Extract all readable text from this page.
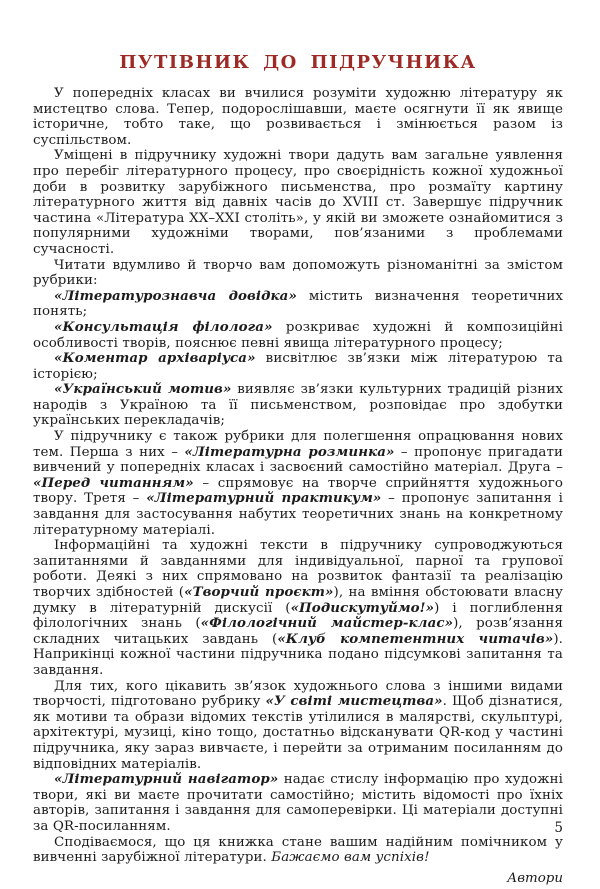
ПУТІВНИК ДО ПІДРУЧНИКА

У попередніх класах ви вчилися розуміти художню літературу як мистецтво слова. Тепер, подорослішавши, маєте осягнути її як явище історичне, тобто таке, що розвивається і змінюється разом із суспільством.

Уміщені в підручнику художні твори дадуть вам загальне уявлення про перебіг літературного процесу, про своєрідність кожної художньої доби в розвитку зарубіжного письменства, про розмаїту картину літературного життя від давніх часів до XVIII ст. Завершує підручник частина «Література XX–XXI століть», у якій ви зможете ознайомитися з популярними художніми творами, пов’язаними з проблемами сучасності.

Читати вдумливо й творчо вам допоможуть різноманітні за змістом рубрики:

«Літературознавча довідка» містить визначення теоретичних понять;

«Консультація філолога» розкриває художні й композиційні особливості творів, пояснює певні явища літературного процесу;

«Коментар архіваріуса» висвітлює зв’язки між літературою та історією;

«Український мотив» виявляє зв’язки культурних традицій різних народів з Україною та її письменством, розповідає про здобутки українських перекладачів;

У підручнику є також рубрики для полегшення опрацювання нових тем. Перша з них – «Літературна розминка» – пропонує пригадати вивчений у попередніх класах і засвоєний самостійно матеріал. Друга – «Перед читанням» – спрямовує на творче сприйняття художнього твору. Третя – «Літературний практикум» – пропонує запитання і завдання для застосування набутих теоретичних знань на конкретному літературному матеріалі.

Інформаційні та художні тексти в підручнику супроводжуються запитаннями й завданнями для індивідуальної, парної та групової роботи. Деякі з них спрямовано на розвиток фантазії та реалізацію творчих здібностей («Творчий проєкт»), на вміння обстоювати власну думку в літературній дискусії («Подискутуймо!») і поглиблення філологічних знань («Філологічний майстер-клас»), розв’язання складних читацьких завдань («Клуб компетентних читачів»). Наприкінці кожної частини підручника подано підсумкові запитання та завдання.

Для тих, кого цікавить зв’язок художнього слова з іншими видами творчості, підготовано рубрику «У світі мистецтва». Щоб дізнатися, як мотиви та образи відомих текстів утілилися в малярстві, скульптурі, архітектурі, музиці, кіно тощо, достатньо відсканувати QR-код у частині підручника, яку зараз вивчаєте, і перейти за отриманим посиланням до відповідних матеріалів.

«Літературний навігатор» надає стислу інформацію про художні твори, які ви маєте прочитати самостійно; містить відомості про їхніх авторів, запитання і завдання для самоперевірки. Ці матеріали доступні за QR-посиланням.

Сподіваємося, що ця книжка стане вашим надійним помічником у вивченні зарубіжної літератури. Бажаємо вам успіхів!

Автори
5
